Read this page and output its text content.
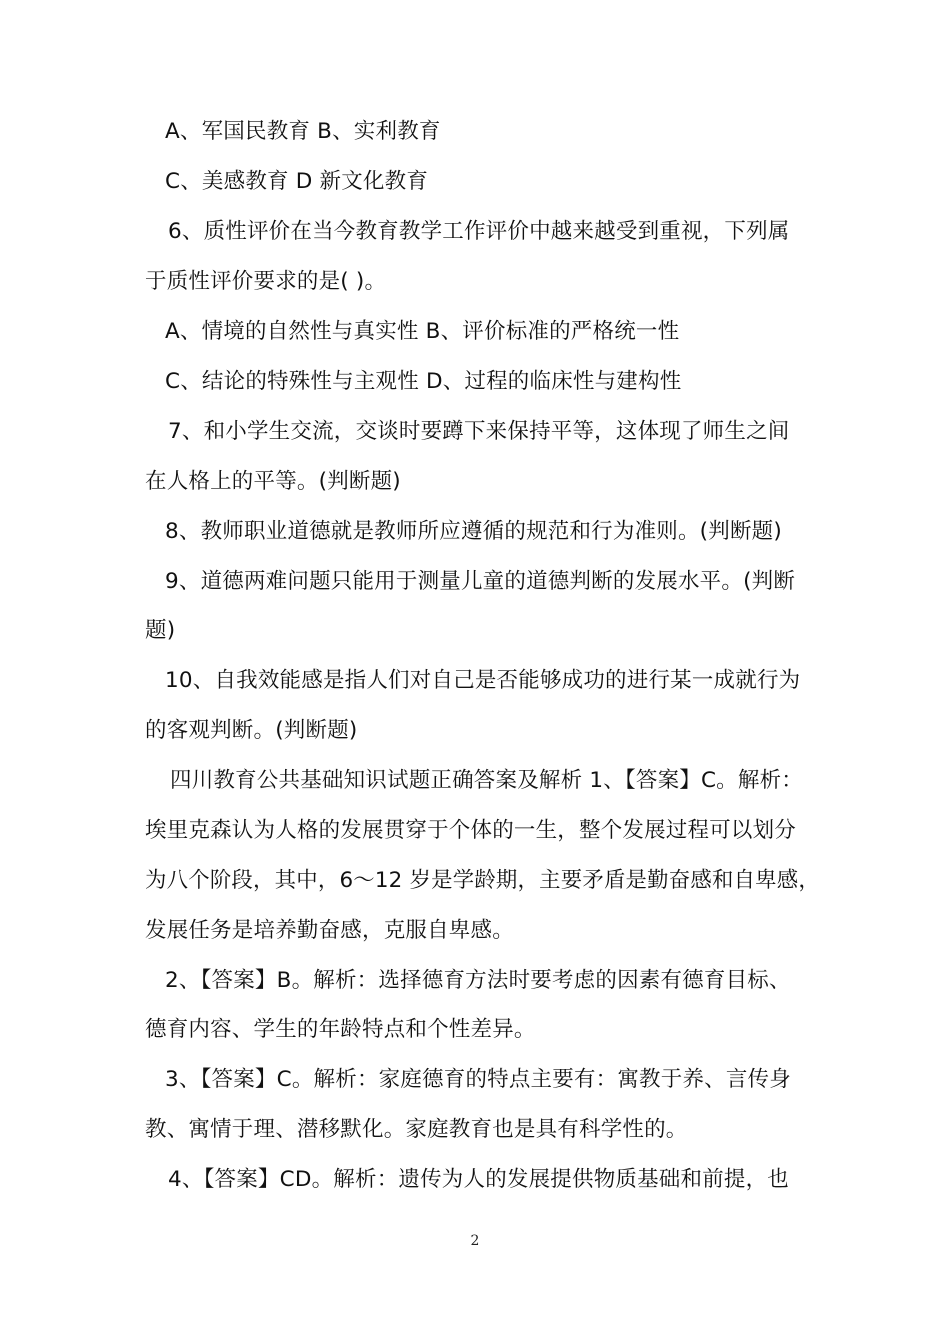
A、军国民教育 B、实利教育
C、美感教育 D 新文化教育
6、质性评价在当今教育教学工作评价中越来越受到重视，下列属
于质性评价要求的是( )。
A、情境的自然性与真实性 B、评价标准的严格统一性
C、结论的特殊性与主观性 D、过程的临床性与建构性
7、和小学生交流，交谈时要蹲下来保持平等，这体现了师生之间
在人格上的平等。(判断题)
8、教师职业道德就是教师所应遵循的规范和行为准则。(判断题)
9、道德两难问题只能用于测量儿童的道德判断的发展水平。(判断
题)
10、自我效能感是指人们对自己是否能够成功的进行某一成就行为
的客观判断。(判断题)
四川教育公共基础知识试题正确答案及解析 1、【答案】C。解析：
埃里克森认为人格的发展贯穿于个体的一生，整个发展过程可以划分
为八个阶段，其中，6～12 岁是学龄期，主要矛盾是勤奋感和自卑感，
发展任务是培养勤奋感，克服自卑感。
2、【答案】B。解析：选择德育方法时要考虑的因素有德育目标、
德育内容、学生的年龄特点和个性差异。
3、【答案】C。解析：家庭德育的特点主要有：寓教于养、言传身
教、寓情于理、潜移默化。家庭教育也是具有科学性的。
4、【答案】CD。解析：遗传为人的发展提供物质基础和前提，也
2
